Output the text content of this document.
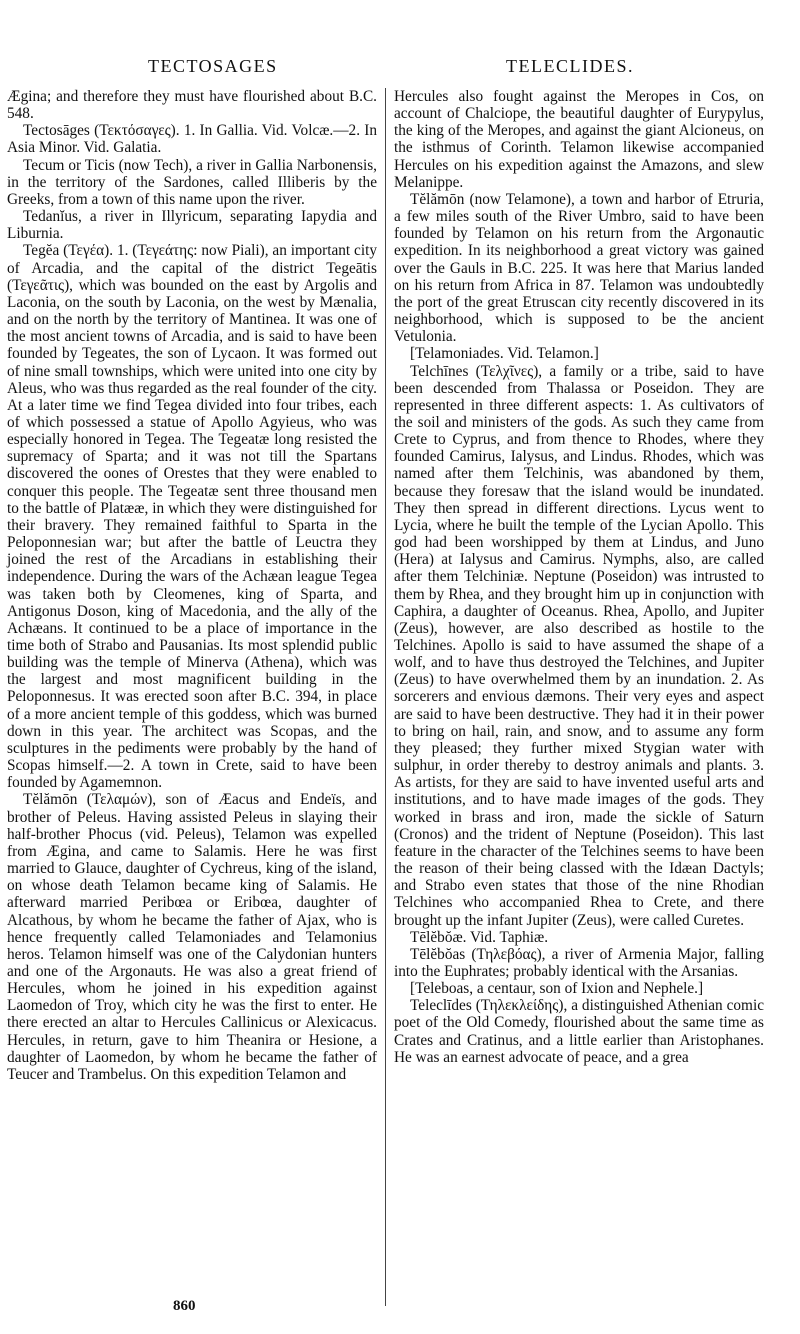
TECTOSAGES	TELECLIDES.

Ægina; and therefore they must have flourished about B.C. 548.

Tectosāges (Τεκτόσαγες). 1. In Gallia. Vid. Volcæ.—2. In Asia Minor. Vid. Galatia.

Tecum or Ticis (now Tech), a river in Gallia Narbonensis, in the territory of the Sardones, called Illiberis by the Greeks, from a town of this name upon the river.

Tedanĭus, a river in Illyricum, separating Iapydia and Liburnia.

Tegĕa (Τεγέα). 1. (Τεγεάτης: now Piali), an important city of Arcadia, and the capital of the district Tegeātis (Τεγεᾶτις), which was bounded on the east by Argolis and Laconia, on the south by Laconia, on the west by Mænalia, and on the north by the territory of Mantinea. It was one of the most ancient towns of Arcadia, and is said to have been founded by Tegeates, the son of Lycaon. It was formed out of nine small townships, which were united into one city by Aleus, who was thus regarded as the real founder of the city. At a later time we find Tegea divided into four tribes, each of which possessed a statue of Apollo Agyieus, who was especially honored in Tegea. The Tegeatæ long resisted the supremacy of Sparta; and it was not till the Spartans discovered the oones of Orestes that they were enabled to conquer this people. The Tegeatæ sent three thousand men to the battle of Platææ, in which they were distinguished for their bravery. They remained faithful to Sparta in the Peloponnesian war; but after the battle of Leuctra they joined the rest of the Arcadians in establishing their independence. During the wars of the Achæan league Tegea was taken both by Cleomenes, king of Sparta, and Antigonus Doson, king of Macedonia, and the ally of the Achæans. It continued to be a place of importance in the time both of Strabo and Pausanias. Its most splendid public building was the temple of Minerva (Athena), which was the largest and most magnificent building in the Peloponnesus. It was erected soon after B.C. 394, in place of a more ancient temple of this goddess, which was burned down in this year. The architect was Scopas, and the sculptures in the pediments were probably by the hand of Scopas himself.—2. A town in Crete, said to have been founded by Agamemnon.

Tĕlămōn (Τελαμών), son of Æacus and Endeïs, and brother of Peleus. Having assisted Peleus in slaying their half-brother Phocus (vid. Peleus), Telamon was expelled from Ægina, and came to Salamis. Here he was first married to Glauce, daughter of Cychreus, king of the island, on whose death Telamon became king of Salamis. He afterward married Peribœa or Eribœa, daughter of Alcathous, by whom he became the father of Ajax, who is hence frequently called Telamoniades and Telamonius heros. Telamon himself was one of the Calydonian hunters and one of the Argonauts. He was also a great friend of Hercules, whom he joined in his expedition against Laomedon of Troy, which city he was the first to enter. He there erected an altar to Hercules Callinicus or Alexicacus. Hercules, in return, gave to him Theanira or Hesione, a daughter of Laomedon, by whom he became the father of Teucer and Trambelus. On this expedition Telamon and

Hercules also fought against the Meropes in Cos, on account of Chalciope, the beautiful daughter of Eurypylus, the king of the Meropes, and against the giant Alcioneus, on the isthmus of Corinth. Telamon likewise accompanied Hercules on his expedition against the Amazons, and slew Melanippe.

Tĕlămōn (now Telamone), a town and harbor of Etruria, a few miles south of the River Umbro, said to have been founded by Telamon on his return from the Argonautic expedition. In its neighborhood a great victory was gained over the Gauls in B.C. 225. It was here that Marius landed on his return from Africa in 87. Telamon was undoubtedly the port of the great Etruscan city recently discovered in its neighborhood, which is supposed to be the ancient Vetulonia.

[Telamoniades. Vid. Telamon.]

Telchīnes (Τελχῖνες), a family or a tribe, said to have been descended from Thalassa or Poseidon. They are represented in three different aspects: 1. As cultivators of the soil and ministers of the gods. As such they came from Crete to Cyprus, and from thence to Rhodes, where they founded Camirus, Ialysus, and Lindus. Rhodes, which was named after them Telchinis, was abandoned by them, because they foresaw that the island would be inundated. They then spread in different directions. Lycus went to Lycia, where he built the temple of the Lycian Apollo. This god had been worshipped by them at Lindus, and Juno (Hera) at Ialysus and Camirus. Nymphs, also, are called after them Telchiniæ. Neptune (Poseidon) was intrusted to them by Rhea, and they brought him up in conjunction with Caphira, a daughter of Oceanus. Rhea, Apollo, and Jupiter (Zeus), however, are also described as hostile to the Telchines. Apollo is said to have assumed the shape of a wolf, and to have thus destroyed the Telchines, and Jupiter (Zeus) to have overwhelmed them by an inundation. 2. As sorcerers and envious dæmons. Their very eyes and aspect are said to have been destructive. They had it in their power to bring on hail, rain, and snow, and to assume any form they pleased; they further mixed Stygian water with sulphur, in order thereby to destroy animals and plants. 3. As artists, for they are said to have invented useful arts and institutions, and to have made images of the gods. They worked in brass and iron, made the sickle of Saturn (Cronos) and the trident of Neptune (Poseidon). This last feature in the character of the Telchines seems to have been the reason of their being classed with the Idæan Dactyls; and Strabo even states that those of the nine Rhodian Telchines who accompanied Rhea to Crete, and there brought up the infant Jupiter (Zeus), were called Curetes.

Tēlĕbŏæ. Vid. Taphiæ.

Tēlĕbŏas (Τηλεβόας), a river of Armenia Major, falling into the Euphrates; probably identical with the Arsanias.

[Teleboas, a centaur, son of Ixion and Nephele.]

Teleclīdes (Τηλεκλείδης), a distinguished Athenian comic poet of the Old Comedy, flourished about the same time as Crates and Cratinus, and a little earlier than Aristophanes. He was an earnest advocate of peace, and a grea

860
